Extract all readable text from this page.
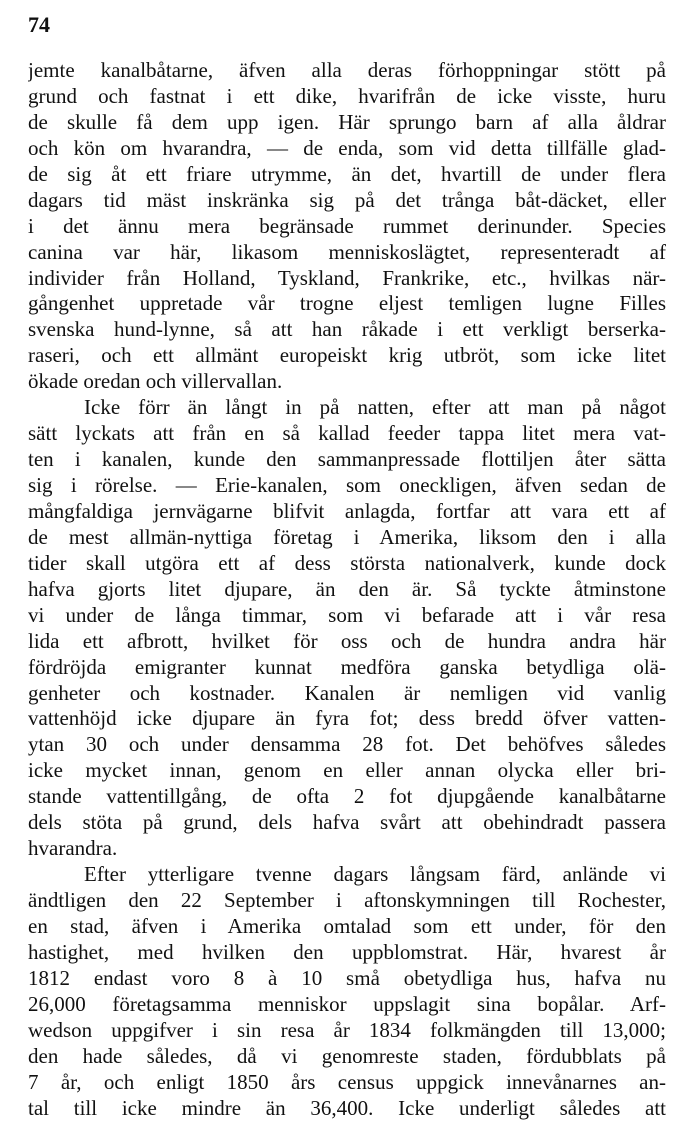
74
jemte kanalbåtarne, äfven alla deras förhoppningar stött på
grund och fastnat i ett dike, hvarifrån de icke visste, huru
de skulle få dem upp igen. Här sprungo barn af alla åldrar
och kön om hvarandra, — de enda, som vid detta tillfälle glad-
de sig åt ett friare utrymme, än det, hvartill de under flera
dagars tid mäst inskränka sig på det trånga båt-däcket, eller
i det ännu mera begränsade rummet derinunder. Species
canina var här, likasom menniskoslägtet, representeradt af
individer från Holland, Tyskland, Frankrike, etc., hvilkas när-
gångenhet uppretade vår trogne eljest temligen lugne Filles
svenska hund-lynne, så att han råkade i ett verkligt berserka-
raseri, och ett allmänt europeiskt krig utbröt, som icke litet
ökade oredan och villervallan.
Icke förr än långt in på natten, efter att man på något
sätt lyckats att från en så kallad feeder tappa litet mera vat-
ten i kanalen, kunde den sammanpressade flottiljen åter sätta
sig i rörelse. — Erie-kanalen, som oneckligen, äfven sedan de
mångfaldiga jernvägarne blifvit anlagda, fortfar att vara ett af
de mest allmän-nyttiga företag i Amerika, liksom den i alla
tider skall utgöra ett af dess största nationalverk, kunde dock
hafva gjorts litet djupare, än den är. Så tyckte åtminstone
vi under de långa timmar, som vi befarade att i vår resa
lida ett afbrott, hvilket för oss och de hundra andra här
fördröjda emigranter kunnat medföra ganska betydliga olä-
genheter och kostnader. Kanalen är nemligen vid vanlig
vattenhöjd icke djupare än fyra fot; dess bredd öfver vatten-
ytan 30 och under densamma 28 fot. Det behöfves således
icke mycket innan, genom en eller annan olycka eller bri-
stande vattentillgång, de ofta 2 fot djupgående kanalbåtarne
dels stöta på grund, dels hafva svårt att obehindradt passera
hvarandra.
Efter ytterligare tvenne dagars långsam färd, anlände vi
ändtligen den 22 September i aftonskymningen till Rochester,
en stad, äfven i Amerika omtalad som ett under, för den
hastighet, med hvilken den uppblomstrat. Här, hvarest år
1812 endast voro 8 à 10 små obetydliga hus, hafva nu
26,000 företagsamma menniskor uppslagit sina bopålar. Arf-
wedson uppgifver i sin resa år 1834 folkmängden till 13,000;
den hade således, då vi genomreste staden, fördubblats på
7 år, och enligt 1850 års census uppgick innevånarnes an-
tal till icke mindre än 36,400. Icke underligt således att
